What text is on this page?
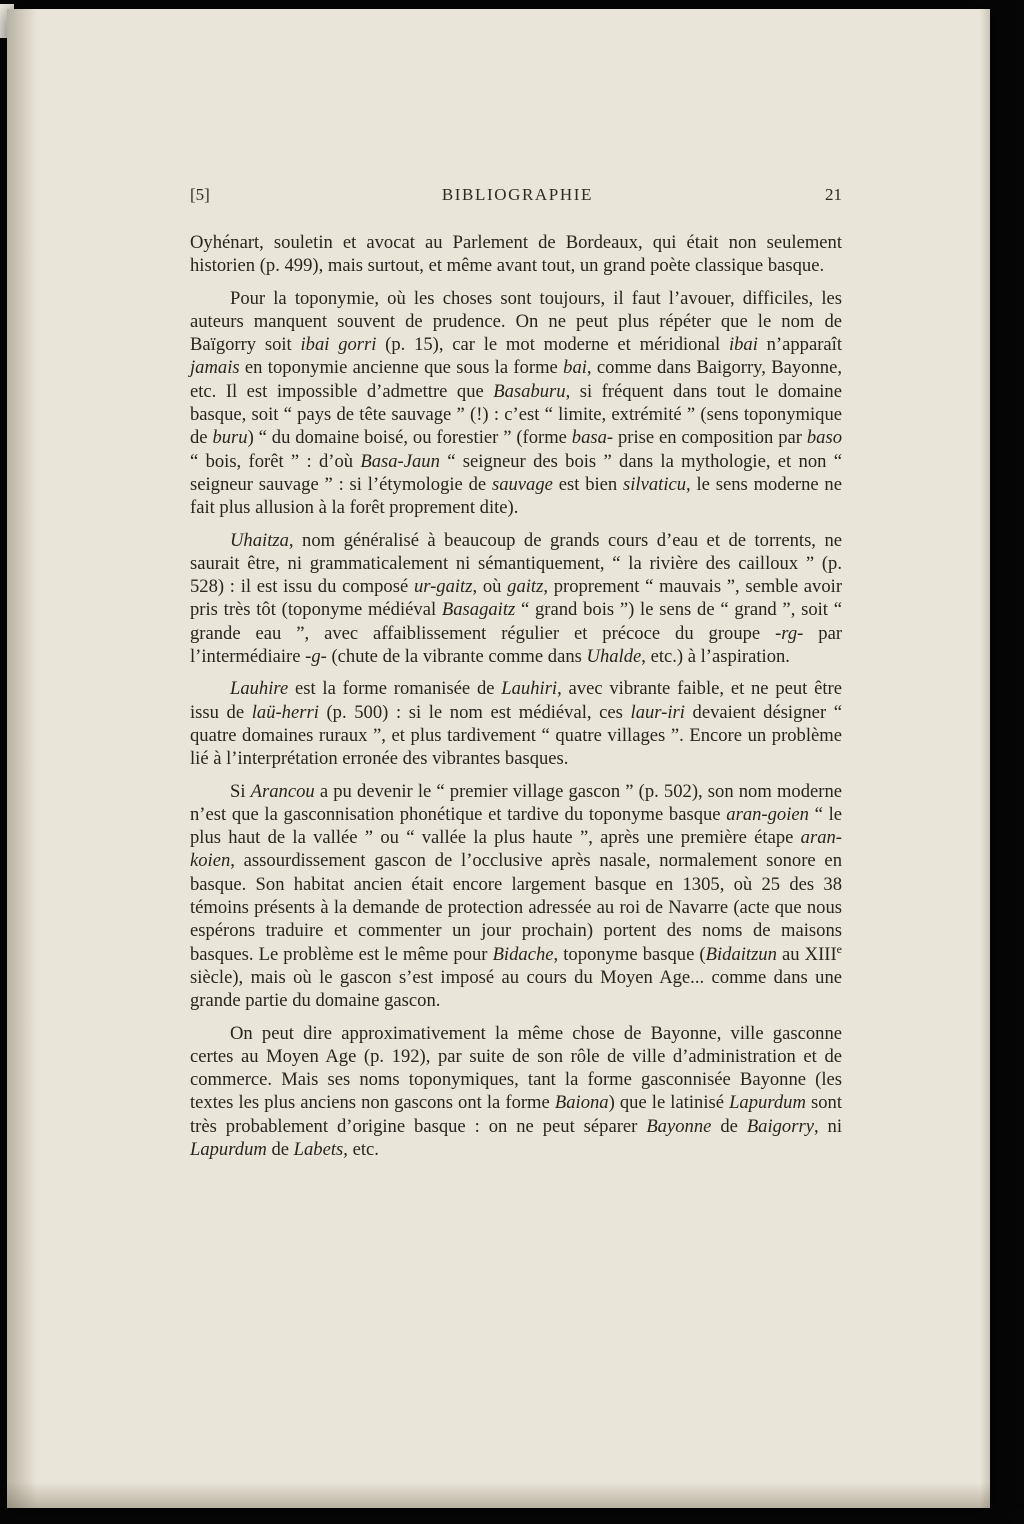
[5]	BIBLIOGRAPHIE	21

Oyhénart, souletin et avocat au Parlement de Bordeaux, qui était non seulement historien (p. 499), mais surtout, et même avant tout, un grand poète classique basque.

Pour la toponymie, où les choses sont toujours, il faut l’avouer, difficiles, les auteurs manquent souvent de prudence. On ne peut plus répéter que le nom de Baïgorry soit ibai gorri (p. 15), car le mot moderne et méridional ibai n’apparaît jamais en toponymie ancienne que sous la forme bai, comme dans Baigorry, Bayonne, etc. Il est impossible d’admettre que Basaburu, si fréquent dans tout le domaine basque, soit “ pays de tête sauvage ” (!) : c’est “ limite, extrémité ” (sens toponymique de buru) “ du domaine boisé, ou forestier ” (forme basa- prise en composition par baso “ bois, forêt ” : d’où Basa-Jaun “ seigneur des bois ” dans la mythologie, et non “ seigneur sauvage ” : si l’étymologie de sauvage est bien silvaticu, le sens moderne ne fait plus allusion à la forêt proprement dite).

Uhaitza, nom généralisé à beaucoup de grands cours d’eau et de torrents, ne saurait être, ni grammaticalement ni sémantiquement, “ la rivière des cailloux ” (p. 528) : il est issu du composé ur-gaitz, où gaitz, proprement “ mauvais ”, semble avoir pris très tôt (toponyme médiéval Basagaitz “ grand bois ”) le sens de “ grand ”, soit “ grande eau ”, avec affaiblissement régulier et précoce du groupe -rg- par l’intermédiaire -g- (chute de la vibrante comme dans Uhalde, etc.) à l’aspiration.

Lauhire est la forme romanisée de Lauhiri, avec vibrante faible, et ne peut être issu de laü-herri (p. 500) : si le nom est médiéval, ces laur-iri devaient désigner “ quatre domaines ruraux ”, et plus tardivement “ quatre villages ”. Encore un problème lié à l’interprétation erronée des vibrantes basques.

Si Arancou a pu devenir le “ premier village gascon ” (p. 502), son nom moderne n’est que la gasconnisation phonétique et tardive du toponyme basque aran-goien “ le plus haut de la vallée ” ou “ vallée la plus haute ”, après une première étape aran-koien, assourdissement gascon de l’occlusive après nasale, normalement sonore en basque. Son habitat ancien était encore largement basque en 1305, où 25 des 38 témoins présents à la demande de protection adressée au roi de Navarre (acte que nous espérons traduire et commenter un jour prochain) portent des noms de maisons basques. Le problème est le même pour Bidache, toponyme basque (Bidaitzun au XIIIe siècle), mais où le gascon s’est imposé au cours du Moyen Age... comme dans une grande partie du domaine gascon.

On peut dire approximativement la même chose de Bayonne, ville gasconne certes au Moyen Age (p. 192), par suite de son rôle de ville d’administration et de commerce. Mais ses noms toponymiques, tant la forme gasconnisée Bayonne (les textes les plus anciens non gascons ont la forme Baiona) que le latinisé Lapurdum sont très probablement d’origine basque : on ne peut séparer Bayonne de Baigorry, ni Lapurdum de Labets, etc.
